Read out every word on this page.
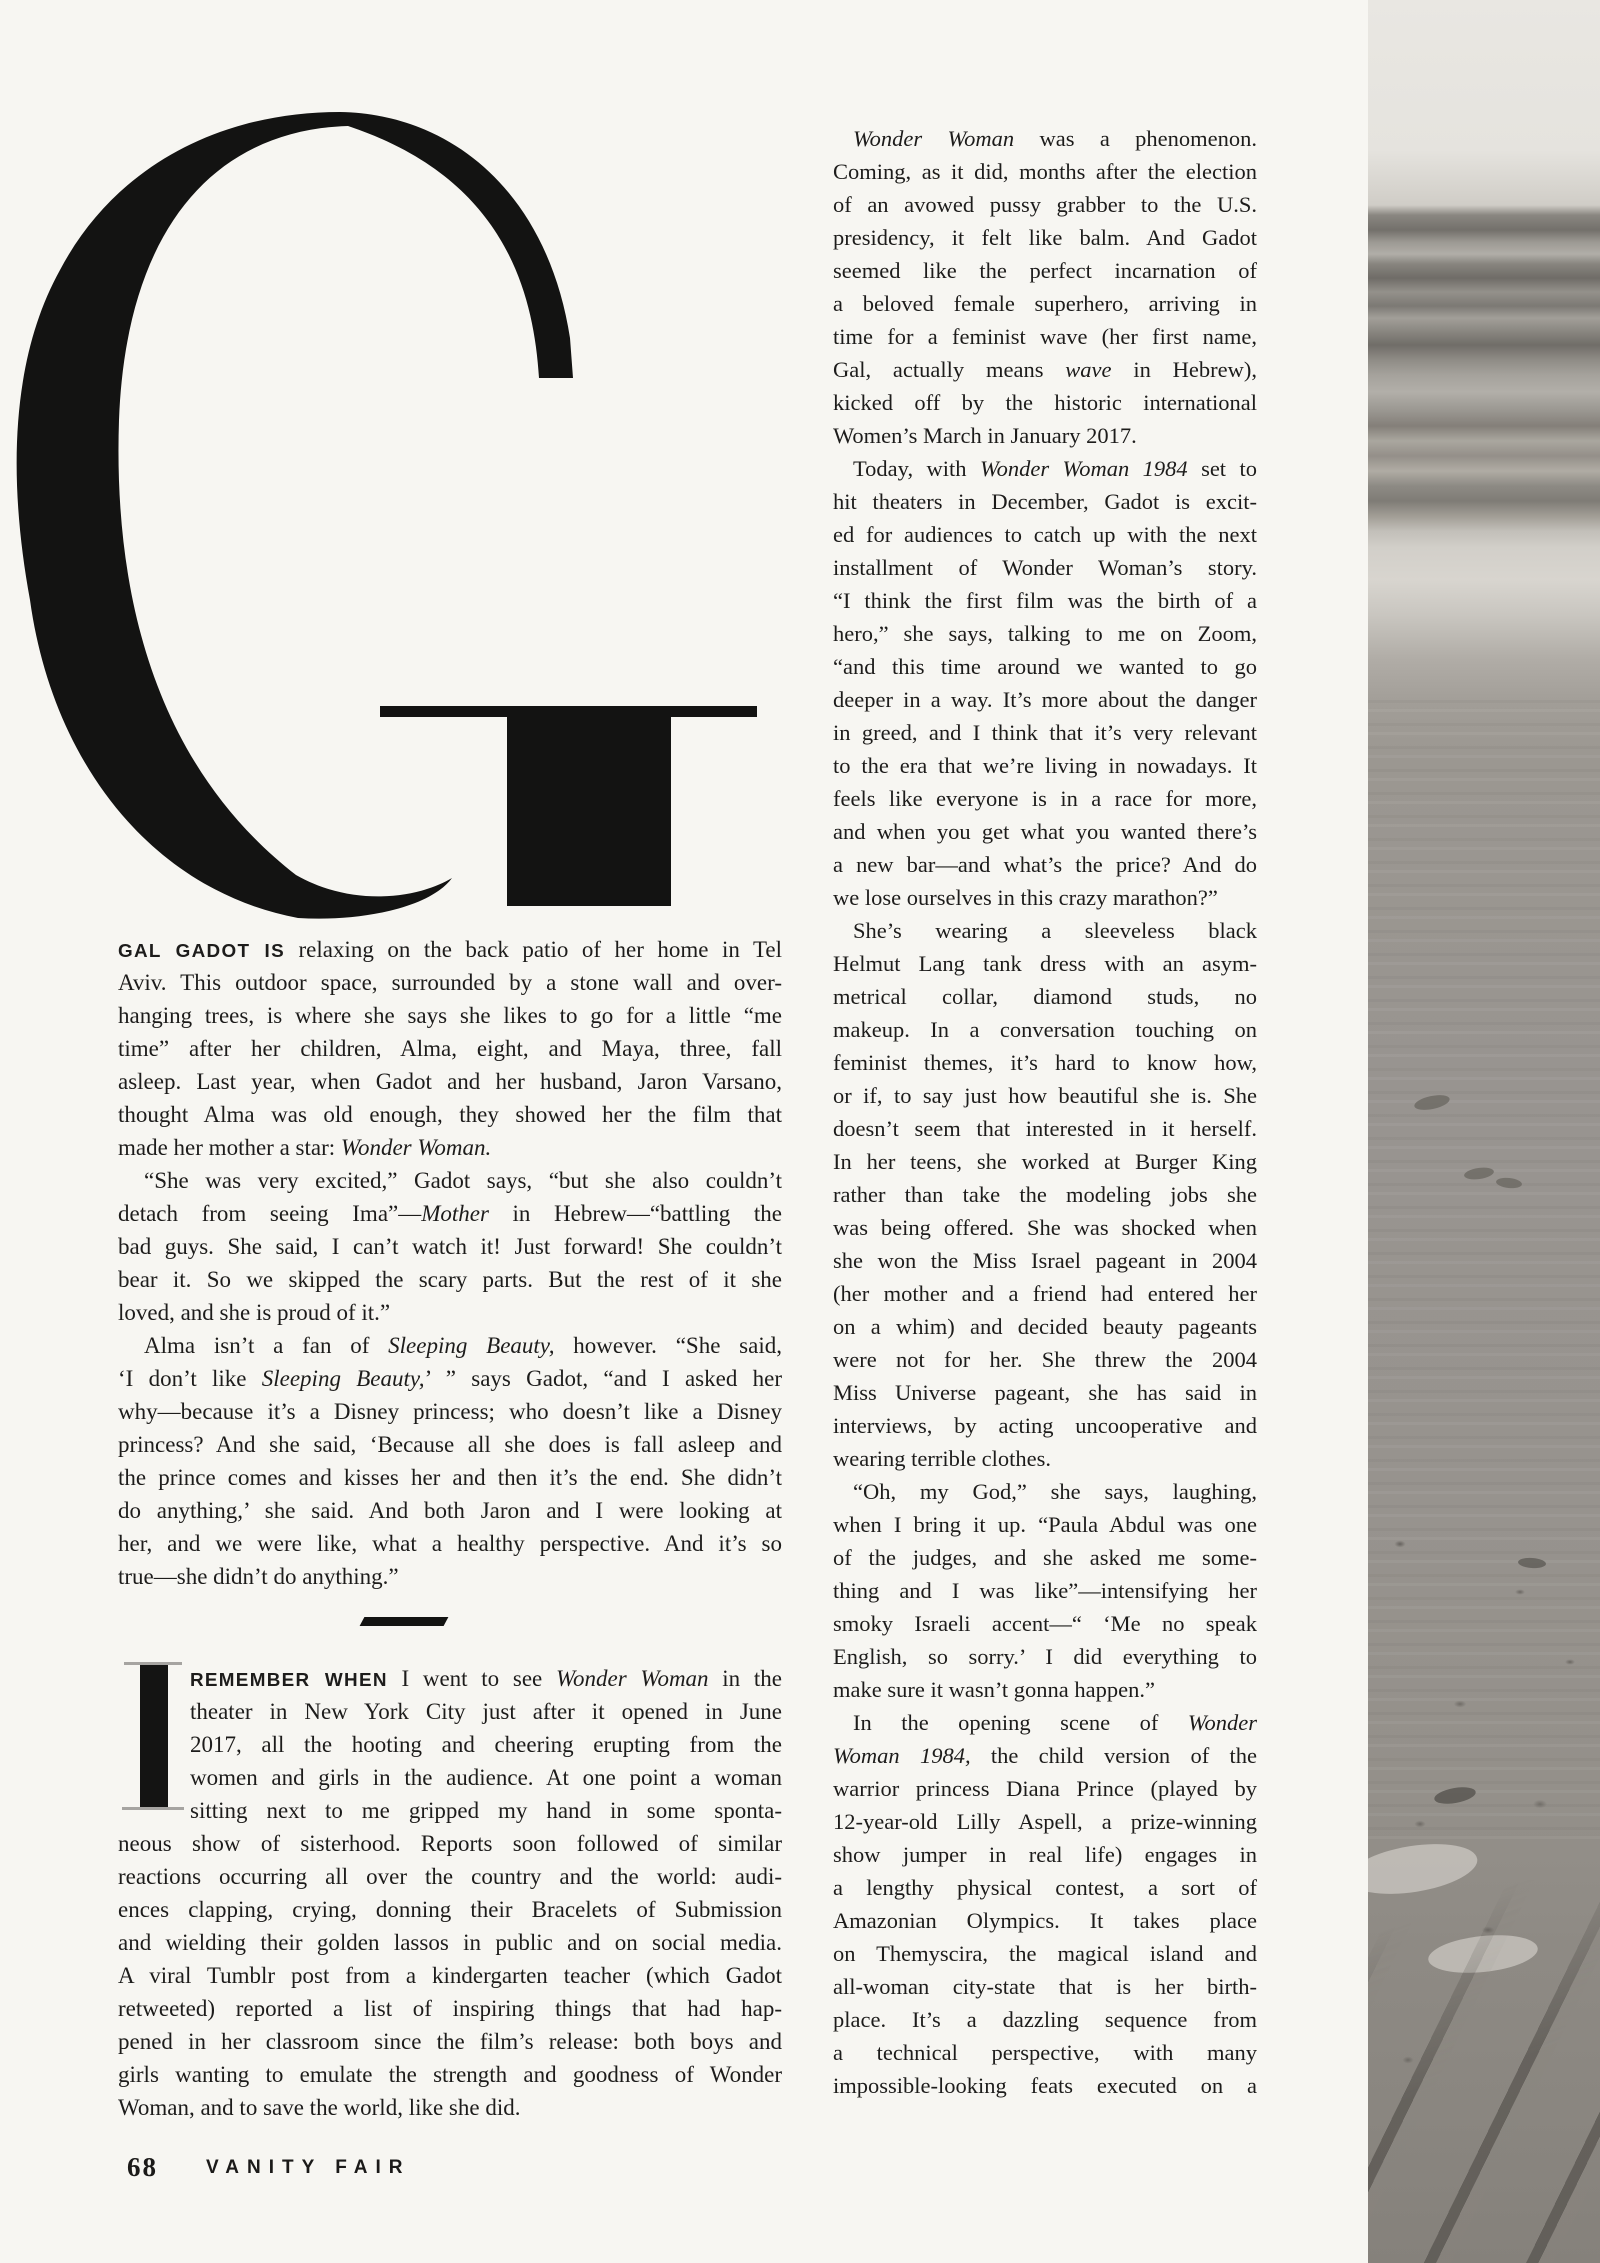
GAL GADOT IS relaxing on the back patio of her home in Tel
Aviv. This outdoor space, surrounded by a stone wall and over-
hanging trees, is where she says she likes to go for a little “me
time” after her children, Alma, eight, and Maya, three, fall
asleep. Last year, when Gadot and her husband, Jaron Varsano,
thought Alma was old enough, they showed her the film that
made her mother a star: Wonder Woman.
“She was very excited,” Gadot says, “but she also couldn’t
detach from seeing Ima”—Mother in Hebrew—“battling the
bad guys. She said, I can’t watch it! Just forward! She couldn’t
bear it. So we skipped the scary parts. But the rest of it she
loved, and she is proud of it.”
Alma isn’t a fan of Sleeping Beauty, however. “She said,
‘I don’t like Sleeping Beauty,’ ” says Gadot, “and I asked her
why—because it’s a Disney princess; who doesn’t like a Disney
princess? And she said, ‘Because all she does is fall asleep and
the prince comes and kisses her and then it’s the end. She didn’t
do anything,’ she said. And both Jaron and I were looking at
her, and we were like, what a healthy perspective. And it’s so
true—she didn’t do anything.”
REMEMBER WHEN I went to see Wonder Woman in the
theater in New York City just after it opened in June
2017, all the hooting and cheering erupting from the
women and girls in the audience. At one point a woman
sitting next to me gripped my hand in some sponta-
neous show of sisterhood. Reports soon followed of similar
reactions occurring all over the country and the world: audi-
ences clapping, crying, donning their Bracelets of Submission
and wielding their golden lassos in public and on social media.
A viral Tumblr post from a kindergarten teacher (which Gadot
retweeted) reported a list of inspiring things that had hap-
pened in her classroom since the film’s release: both boys and
girls wanting to emulate the strength and goodness of Wonder
Woman, and to save the world, like she did.
Wonder Woman was a phenomenon.
Coming, as it did, months after the election
of an avowed pussy grabber to the U.S.
presidency, it felt like balm. And Gadot
seemed like the perfect incarnation of
a beloved female superhero, arriving in
time for a feminist wave (her first name,
Gal, actually means wave in Hebrew),
kicked off by the historic international
Women’s March in January 2017.
Today, with Wonder Woman 1984 set to
hit theaters in December, Gadot is excit-
ed for audiences to catch up with the next
installment of Wonder Woman’s story.
“I think the first film was the birth of a
hero,” she says, talking to me on Zoom,
“and this time around we wanted to go
deeper in a way. It’s more about the danger
in greed, and I think that it’s very relevant
to the era that we’re living in nowadays. It
feels like everyone is in a race for more,
and when you get what you wanted there’s
a new bar—and what’s the price? And do
we lose ourselves in this crazy marathon?”
She’s wearing a sleeveless black
Helmut Lang tank dress with an asym-
metrical collar, diamond studs, no
makeup. In a conversation touching on
feminist themes, it’s hard to know how,
or if, to say just how beautiful she is. She
doesn’t seem that interested in it herself.
In her teens, she worked at Burger King
rather than take the modeling jobs she
was being offered. She was shocked when
she won the Miss Israel pageant in 2004
(her mother and a friend had entered her
on a whim) and decided beauty pageants
were not for her. She threw the 2004
Miss Universe pageant, she has said in
interviews, by acting uncooperative and
wearing terrible clothes.
“Oh, my God,” she says, laughing,
when I bring it up. “Paula Abdul was one
of the judges, and she asked me some-
thing and I was like”—intensifying her
smoky Israeli accent—“ ‘Me no speak
English, so sorry.’ I did everything to
make sure it wasn’t gonna happen.”
In the opening scene of Wonder
Woman 1984, the child version of the
warrior princess Diana Prince (played by
12-year-old Lilly Aspell, a prize-winning
show jumper in real life) engages in
a lengthy physical contest, a sort of
Amazonian Olympics. It takes place
on Themyscira, the magical island and
all-woman city-state that is her birth-
place. It’s a dazzling sequence from
a technical perspective, with many
impossible-looking feats executed on a
68	VANITY FAIR
